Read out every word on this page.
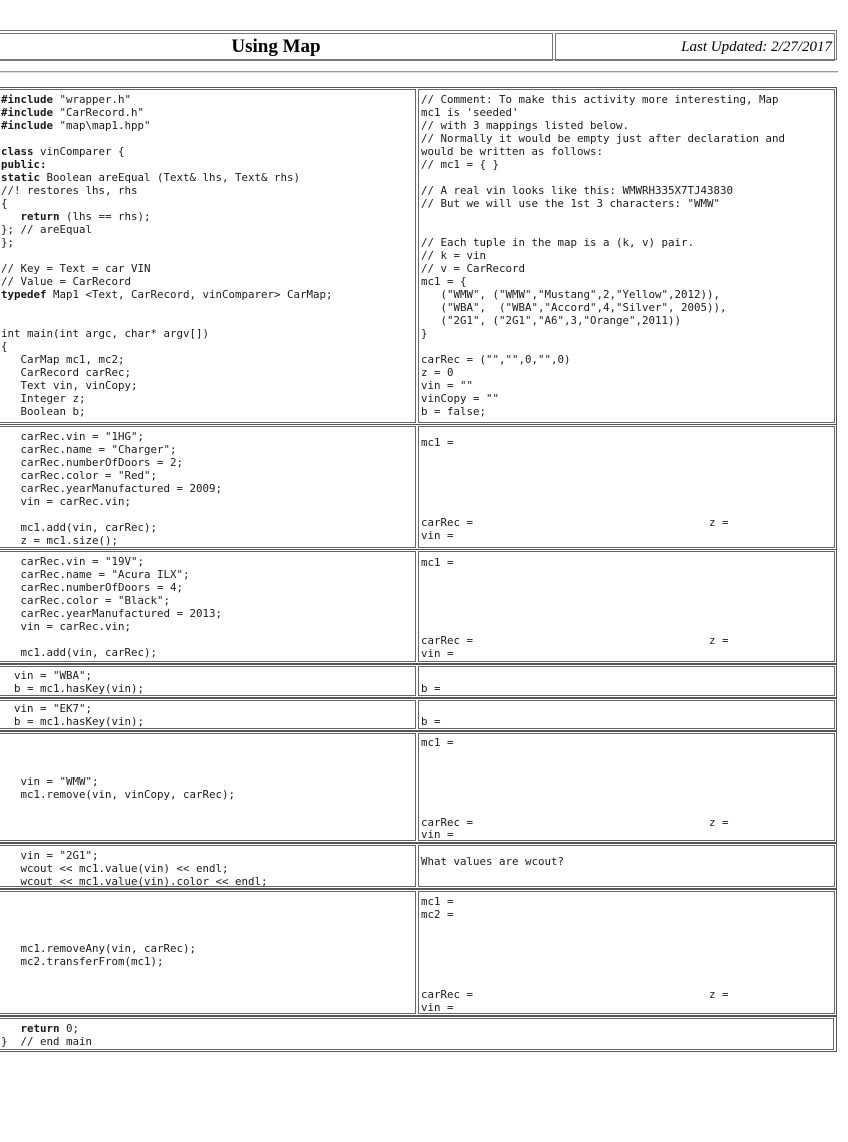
Using Map	Last Updated: 2/27/2017
#include "wrapper.h"
#include "CarRecord.h"
#include "map\map1.hpp"
class vinComparer {
public:
static Boolean areEqual (Text& lhs, Text& rhs)
//! restores lhs, rhs
{
return (lhs == rhs);
}; // areEqual
};
// Key = Text = car VIN
// Value = CarRecord
typedef Map1 <Text, CarRecord, vinComparer> CarMap;
int main(int argc, char* argv[])
{
CarMap mc1, mc2;
CarRecord carRec;
Text vin, vinCopy;
Integer z;
Boolean b;
// Comment: To make this activity more interesting, Map
mc1 is 'seeded'
// with 3 mappings listed below.
// Normally it would be empty just after declaration and
would be written as follows:
// mc1 = { }
// A real vin looks like this: WMWRH335X7TJ43830
// But we will use the 1st 3 characters: "WMW"
// Each tuple in the map is a (k, v) pair.
// k = vin
// v = CarRecord
mc1 = {
("WMW", ("WMW","Mustang",2,"Yellow",2012)),
("WBA",  ("WBA","Accord",4,"Silver", 2005)),
("2G1", ("2G1","A6",3,"Orange",2011))
}
carRec = ("","",0,"",0)
z = 0
vin = ""
vinCopy = ""
b = false;
carRec.vin = "1HG";
carRec.name = "Charger";
carRec.numberOfDoors = 2;
carRec.color = "Red";
carRec.yearManufactured = 2009;
vin = carRec.vin;
mc1.add(vin, carRec);
z = mc1.size();
mc1 =
carRec =	z =
vin =
carRec.vin = "19V";
carRec.name = "Acura ILX";
carRec.numberOfDoors = 4;
carRec.color = "Black";
carRec.yearManufactured = 2013;
vin = carRec.vin;
mc1.add(vin, carRec);
mc1 =
carRec =	z =
vin =
vin = "WBA";
b = mc1.hasKey(vin);	b =
vin = "EK7";
b = mc1.hasKey(vin);	b =
vin = "WMW";
mc1.remove(vin, vinCopy, carRec);
mc1 =
carRec =	z =
vin =
vin = "2G1";
wcout << mc1.value(vin) << endl;
wcout << mc1.value(vin).color << endl;
What values are wcout?
mc1.removeAny(vin, carRec);
mc2.transferFrom(mc1);
mc1 =
mc2 =
carRec =	z =
vin =
return 0;
}  // end main
